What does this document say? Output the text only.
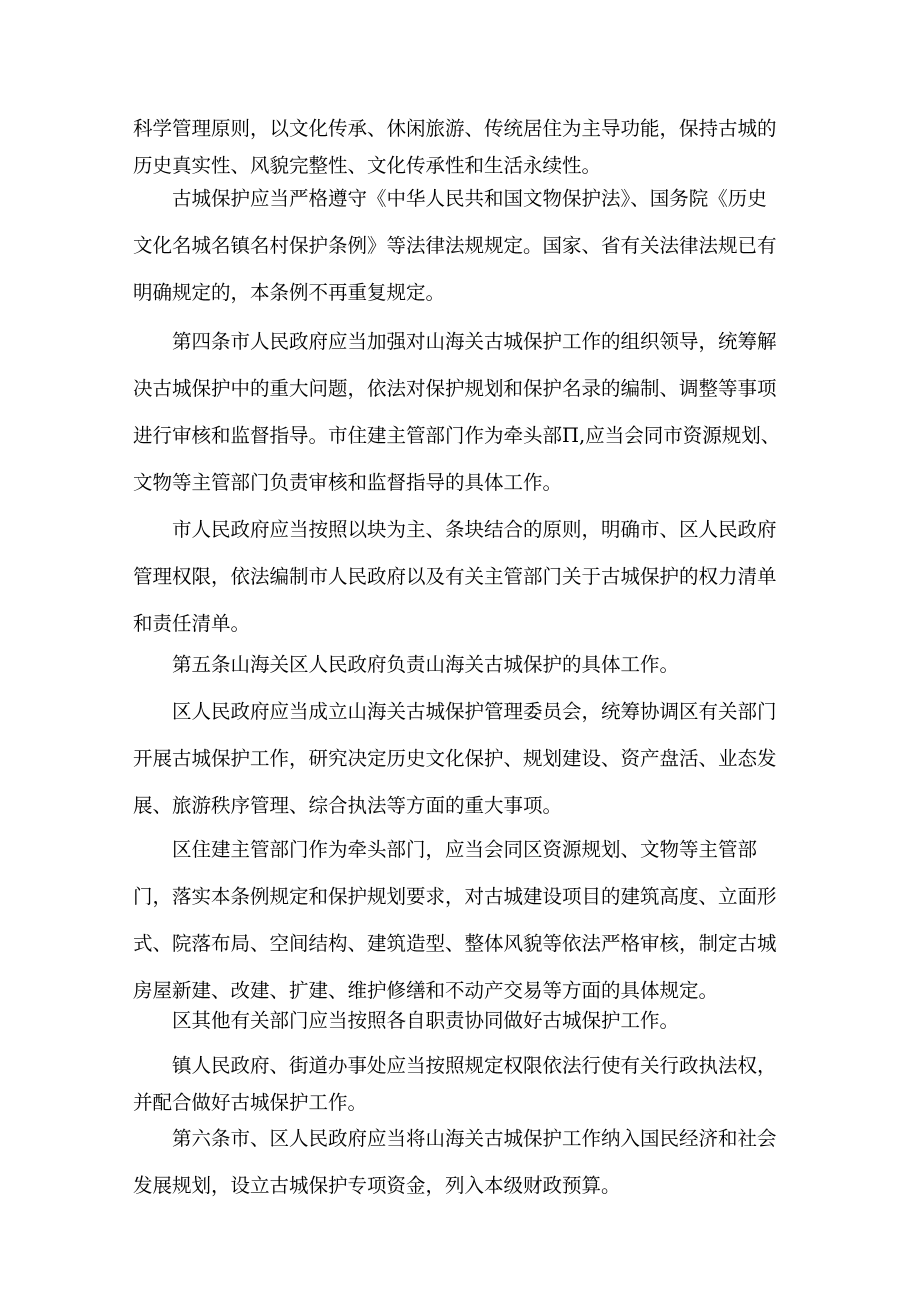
科学管理原则，以文化传承、休闲旅游、传统居住为主导功能，保持古城的历史真实性、风貌完整性、文化传承性和生活永续性。

古城保护应当严格遵守《中华人民共和国文物保护法》、国务院《历史文化名城名镇名村保护条例》等法律法规规定。国家、省有关法律法规已有明确规定的，本条例不再重复规定。

第四条市人民政府应当加强对山海关古城保护工作的组织领导，统筹解决古城保护中的重大问题，依法对保护规划和保护名录的编制、调整等事项进行审核和监督指导。市住建主管部门作为牵头部Π,应当会同市资源规划、文物等主管部门负责审核和监督指导的具体工作。

市人民政府应当按照以块为主、条块结合的原则，明确市、区人民政府管理权限，依法编制市人民政府以及有关主管部门关于古城保护的权力清单和责任清单。

第五条山海关区人民政府负责山海关古城保护的具体工作。

区人民政府应当成立山海关古城保护管理委员会，统筹协调区有关部门开展古城保护工作，研究决定历史文化保护、规划建设、资产盘活、业态发展、旅游秩序管理、综合执法等方面的重大事项。

区住建主管部门作为牵头部门，应当会同区资源规划、文物等主管部门，落实本条例规定和保护规划要求，对古城建设项目的建筑高度、立面形式、院落布局、空间结构、建筑造型、整体风貌等依法严格审核，制定古城房屋新建、改建、扩建、维护修缮和不动产交易等方面的具体规定。

区其他有关部门应当按照各自职责协同做好古城保护工作。

镇人民政府、街道办事处应当按照规定权限依法行使有关行政执法权，并配合做好古城保护工作。

第六条市、区人民政府应当将山海关古城保护工作纳入国民经济和社会发展规划，设立古城保护专项资金，列入本级财政预算。
